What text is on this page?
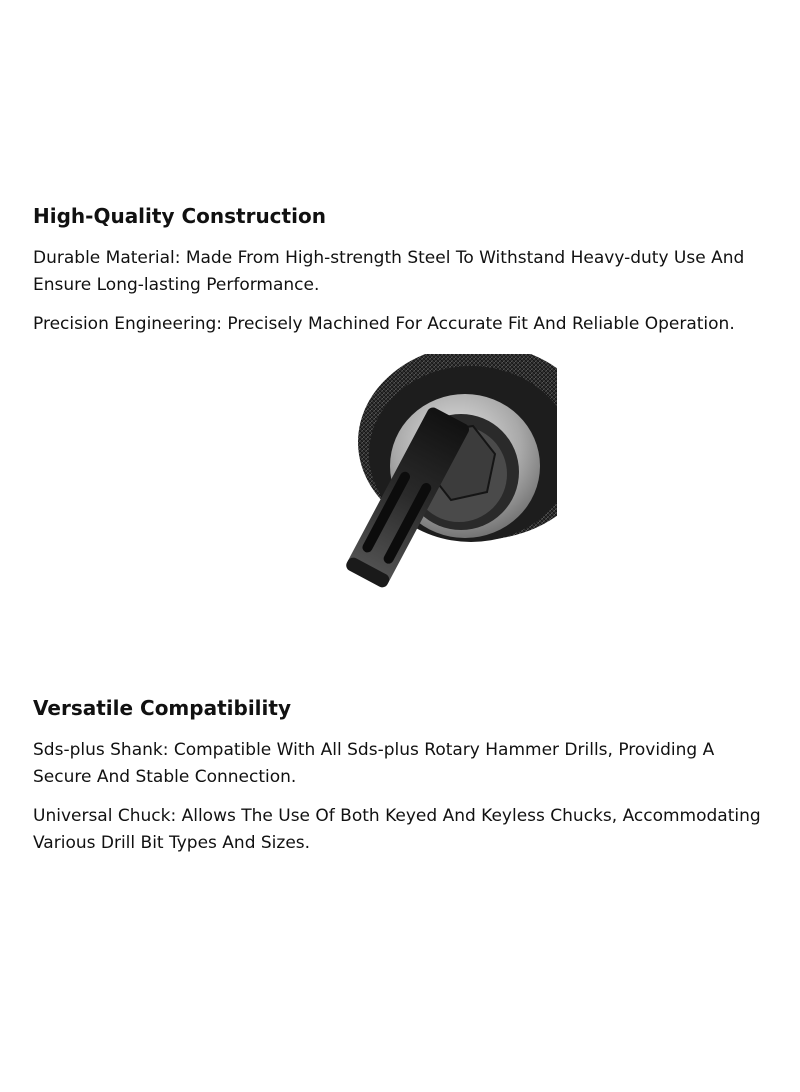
High-Quality Construction

Durable Material: Made From High-strength Steel To Withstand Heavy-duty Use And Ensure Long-lasting Performance.

Precision Engineering: Precisely Machined For Accurate Fit And Reliable Operation.

Versatile Compatibility

Sds-plus Shank: Compatible With All Sds-plus Rotary Hammer Drills, Providing A Secure And Stable Connection.

Universal Chuck: Allows The Use Of Both Keyed And Keyless Chucks, Accommodating Various Drill Bit Types And Sizes.
